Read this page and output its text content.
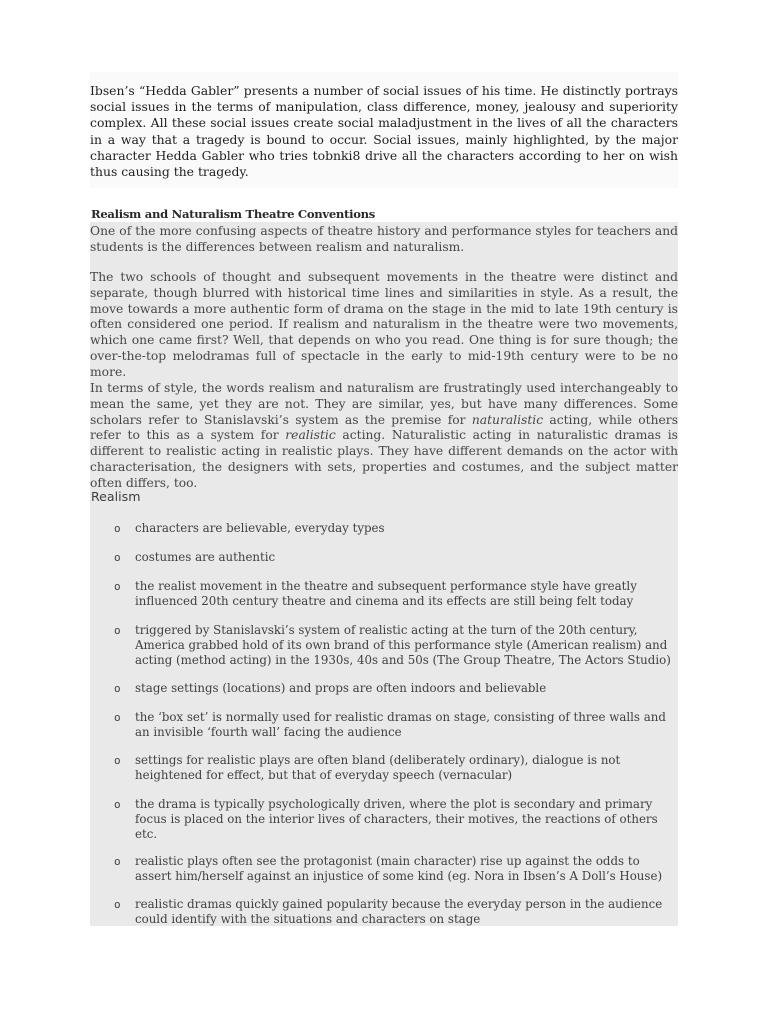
Ibsen’s “Hedda Gabler” presents a number of social issues of his time. He distinctly portrays social issues in the terms of manipulation, class difference, money, jealousy and superiority complex. All these social issues create social maladjustment in the lives of all the characters in a way that a tragedy is bound to occur. Social issues, mainly highlighted, by the major character Hedda Gabler who tries tobnki8 drive all the characters according to her on wish thus causing the tragedy.

Realism and Naturalism Theatre Conventions

One of the more confusing aspects of theatre history and performance styles for teachers and students is the differences between realism and naturalism.

The two schools of thought and subsequent movements in the theatre were distinct and separate, though blurred with historical time lines and similarities in style. As a result, the move towards a more authentic form of drama on the stage in the mid to late 19th century is often considered one period. If realism and naturalism in the theatre were two movements, which one came first? Well, that depends on who you read. One thing is for sure though; the over-the-top melodramas full of spectacle in the early to mid-19th century were to be no more.

In terms of style, the words realism and naturalism are frustratingly used interchangeably to mean the same, yet they are not. They are similar, yes, but have many differences. Some scholars refer to Stanislavski’s system as the premise for naturalistic acting, while others refer to this as a system for realistic acting. Naturalistic acting in naturalistic dramas is different to realistic acting in realistic plays. They have different demands on the actor with characterisation, the designers with sets, properties and costumes, and the subject matter often differs, too.

Realism
o characters are believable, everyday types
o costumes are authentic
o the realist movement in the theatre and subsequent performance style have greatly influenced 20th century theatre and cinema and its effects are still being felt today
o triggered by Stanislavski’s system of realistic acting at the turn of the 20th century, America grabbed hold of its own brand of this performance style (American realism) and acting (method acting) in the 1930s, 40s and 50s (The Group Theatre, The Actors Studio)
o stage settings (locations) and props are often indoors and believable
o the ‘box set’ is normally used for realistic dramas on stage, consisting of three walls and an invisible ‘fourth wall’ facing the audience
o settings for realistic plays are often bland (deliberately ordinary), dialogue is not heightened for effect, but that of everyday speech (vernacular)
o the drama is typically psychologically driven, where the plot is secondary and primary focus is placed on the interior lives of characters, their motives, the reactions of others etc.
o realistic plays often see the protagonist (main character) rise up against the odds to assert him/herself against an injustice of some kind (eg. Nora in Ibsen’s A Doll’s House)
o realistic dramas quickly gained popularity because the everyday person in the audience could identify with the situations and characters on stage
